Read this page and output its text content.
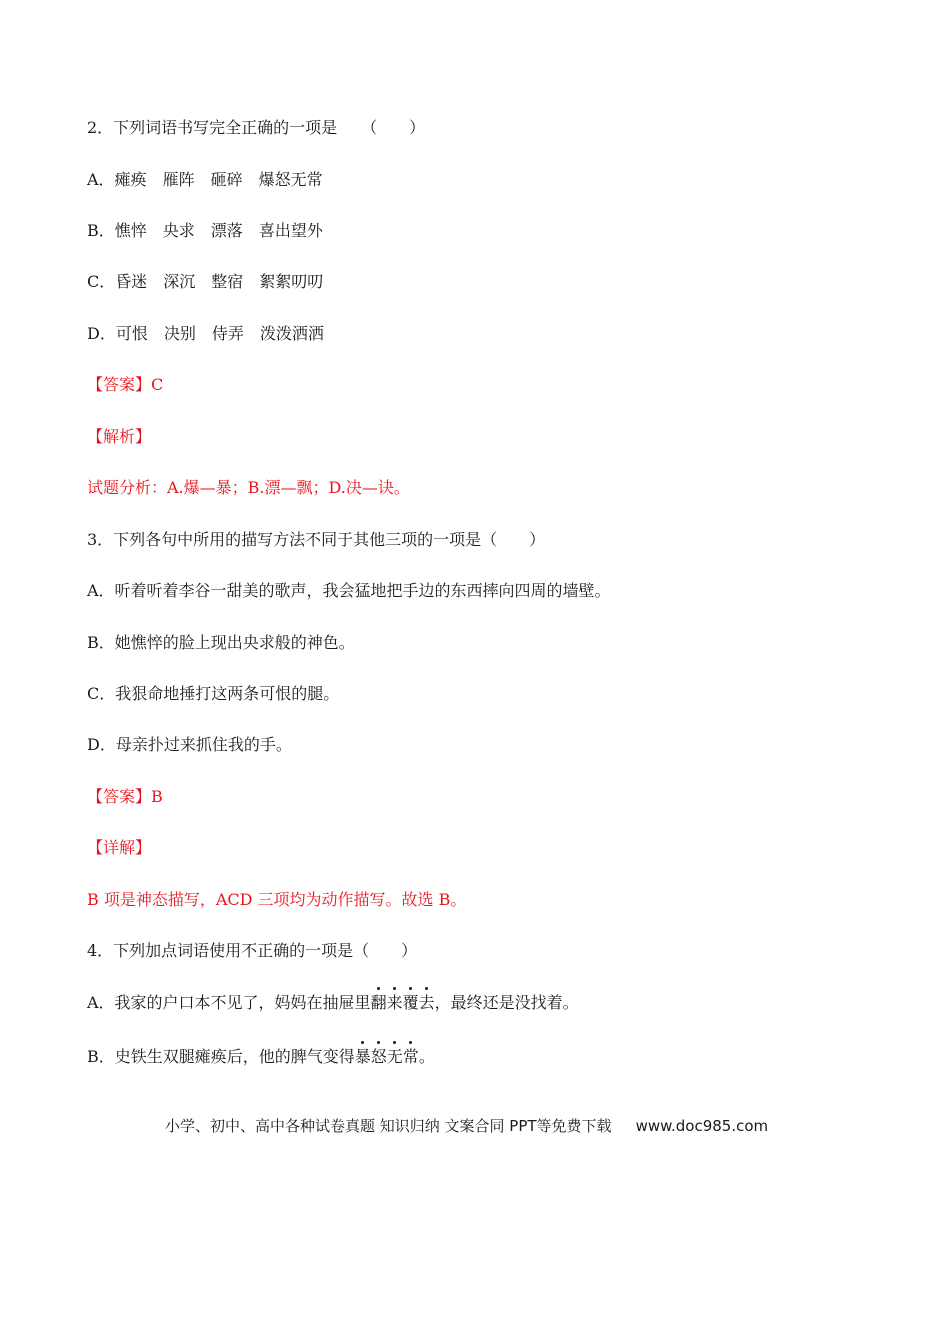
2．下列词语书写完全正确的一项是　　（　　）
A．瘫痪 雁阵 砸碎 爆怒无常
B．憔悴 央求 漂落 喜出望外
C．昏迷 深沉 整宿 絮絮叨叨
D．可恨 决别 侍弄 泼泼洒洒
【答案】C
【解析】
试题分析：A.爆—暴；B.漂—飘；D.决—诀。
3．下列各句中所用的描写方法不同于其他三项的一项是（　　）
A．听着听着李谷一甜美的歌声，我会猛地把手边的东西摔向四周的墙壁。
B．她憔悴的脸上现出央求般的神色。
C．我狠命地捶打这两条可恨的腿。
D．母亲扑过来抓住我的手。
【答案】B
【详解】
B 项是神态描写，ACD 三项均为动作描写。故选 B。
4．下列加点词语使用不正确的一项是（　　）
A．我家的户口本不见了，妈妈在抽屉里翻来覆去，最终还是没找着。
B．史铁生双腿瘫痪后，他的脾气变得暴怒无常。
小学、初中、高中各种试卷真题 知识归纳 文案合同 PPT等免费下载 www.doc985.com
